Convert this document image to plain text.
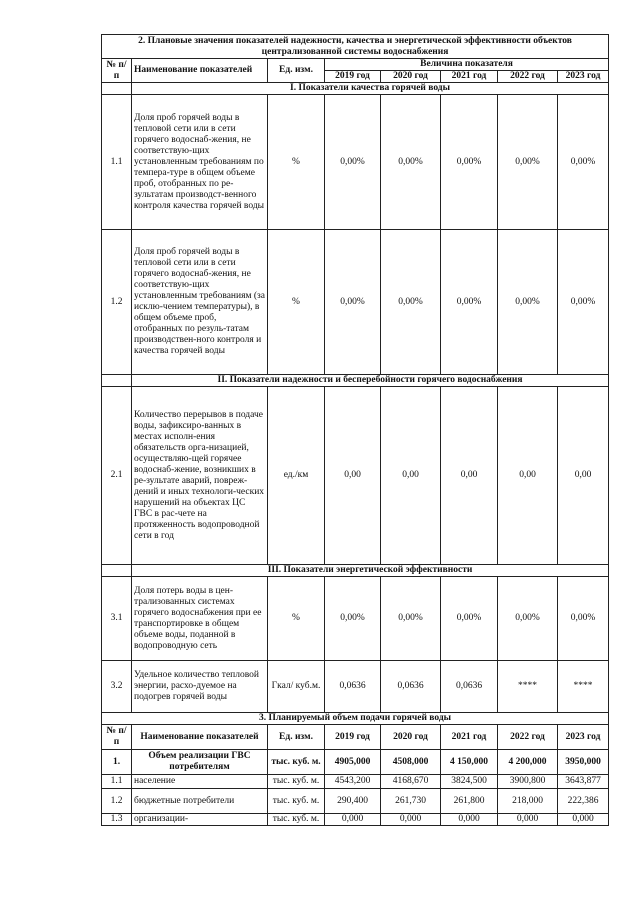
2. Плановые значения показателей надежности, качества и энергетической эффективности объектов централизованной системы водоснабжения							
№ п/п	Наименование показателей	Ед. изм.	Величина показателя				
			2019 год	2020 год	2021 год	2022 год	2023 год
	I. Показатели качества горячей воды						
1.1	Доля проб горячей воды в тепловой сети или в сети горячего водоснаб-жения, не соответствую-щих установленным требованиям по темпера-туре в общем объеме проб, отобранных по ре-зультатам производст-венного контроля качества горячей воды	%	0,00%	0,00%	0,00%	0,00%	0,00%
1.2	Доля проб горячей воды в тепловой сети или в сети горячего водоснаб-жения, не соответствую-щих установленным требованиям (за исклю-чением температуры), в общем объеме проб, отобранных по резуль-татам производствен-ного контроля и качества горячей воды	%	0,00%	0,00%	0,00%	0,00%	0,00%
	II. Показатели надежности и бесперебойности горячего водоснабжения						
2.1	Количество перерывов в подаче воды, зафиксиро-ванных в местах исполн-ения обязательств орга-низацией, осуществляю-щей горячее водоснаб-жение, возникших в ре-зультате аварий, повреж-дений и иных технологи-ческих нарушений на объектах ЦС ГВС в рас-чете на протяженность водопроводной сети в год	ед./км	0,00	0,00	0,00	0,00	0,00
	III. Показатели энергетической эффективности						
3.1	Доля потерь воды в цен-трализованных системах горячего водоснабжения при ее транспортировке в общем объеме воды, поданной в водопроводную сеть	%	0,00%	0,00%	0,00%	0,00%	0,00%
3.2	Удельное количество тепловой энергии, расхо-дуемое на подогрев горячей воды	Гкал/ куб.м.	0,0636	0,0636	0,0636	****	****
3. Планируемый объем подачи горячей воды							
№ п/п	Наименование показателей	Ед. изм.	2019 год	2020 год	2021 год	2022 год	2023 год
1.	Объем реализации ГВС потребителям	тыс. куб. м.	4905,000	4508,000	4 150,000	4 200,000	3950,000
1.1	население	тыс. куб. м.	4543,200	4168,670	3824,500	3900,800	3643,877
1.2	бюджетные потребители	тыс. куб. м.	290,400	261,730	261,800	218,000	222,386
1.3	организации-	тыс. куб. м.	0,000	0,000	0,000	0,000	0,000
